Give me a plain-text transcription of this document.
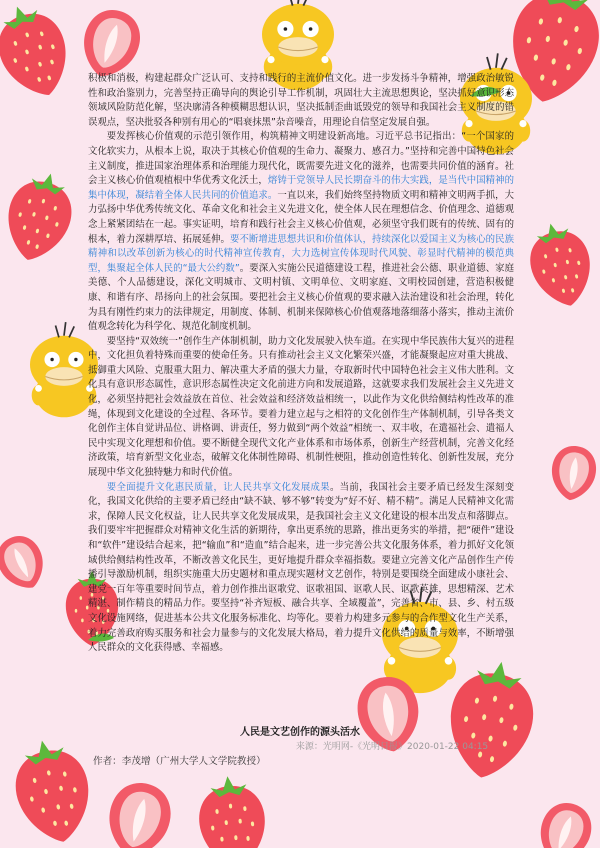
积极和消极，构建起群众广泛认可、支持和践行的主流价值文化。进一步发扬斗争精神，增强政治敏锐性和政治鉴别力，完善坚持正确导向的舆论引导工作机制，巩固壮大主流思想舆论，坚决抓好意识形态领域风险防范化解，坚决廓清各种模糊思想认识，坚决抵制歪曲诋毁党的领导和我国社会主义制度的错误观点，坚决批驳各种别有用心的“唱衰抹黑”杂音噪音，用理论自信坚定发展自强。

要发挥核心价值观的示范引领作用，构筑精神文明建设新高地。习近平总书记指出：“一个国家的文化软实力，从根本上说，取决于其核心价值观的生命力、凝聚力、感召力。”坚持和完善中国特色社会主义制度，推进国家治理体系和治理能力现代化，既需要先进文化的滋养，也需要共同价值的涵育。社会主义核心价值观植根中华优秀文化沃土，熔铸于党领导人民长期奋斗的伟大实践，是当代中国精神的集中体现，凝结着全体人民共同的价值追求。一直以来，我们始终坚持物质文明和精神文明两手抓，大力弘扬中华优秀传统文化、革命文化和社会主义先进文化，使全体人民在理想信念、价值理念、道德观念上紧紧团结在一起。事实证明，培育和践行社会主义核心价值观，必须坚守我们既有的传统、固有的根本，着力深耕厚培、拓展延伸。要不断增进思想共识和价值体认，持续深化以爱国主义为核心的民族精神和以改革创新为核心的时代精神宣传教育，大力选树宣传体现时代风貌、彰显时代精神的模范典型，集聚起全体人民的“最大公约数”。要深入实施公民道德建设工程，推进社会公德、职业道德、家庭美德、个人品德建设，深化文明城市、文明村镇、文明单位、文明家庭、文明校园创建，营造积极健康、和谐有序、昂扬向上的社会氛围。要把社会主义核心价值观的要求融入法治建设和社会治理，转化为具有刚性约束力的法律规定，用制度、体制、机制来保障核心价值观落地落细落小落实，推动主流价值观念转化为科学化、规范化制度机制。

要坚持“双效统一”创作生产体制机制，助力文化发展驶入快车道。在实现中华民族伟大复兴的进程中，文化担负着特殊而重要的使命任务。只有推动社会主义文化繁荣兴盛，才能凝聚起应对重大挑战、抵御重大风险、克服重大阻力、解决重大矛盾的强大力量，夺取新时代中国特色社会主义伟大胜利。文化具有意识形态属性，意识形态属性决定文化前进方向和发展道路，这就要求我们发展社会主义先进文化，必须坚持把社会效益放在首位、社会效益和经济效益相统一，以此作为文化供给侧结构性改革的准绳，体现到文化建设的全过程、各环节。要着力建立起与之相符的文化创作生产体制机制，引导各类文化创作主体自觉讲品位、讲格调、讲责任，努力做到“两个效益”相统一、双丰收，在遣福社会、遣福人民中实现文化理想和价值。要不断健全现代文化产业体系和市场体系，创新生产经营机制，完善文化经济政策，培育新型文化业态，破解文化体制性障碍、机制性梗阻，推动创造性转化、创新性发展，充分展现中华文化独特魅力和时代价值。

要全面提升文化惠民质量，让人民共享文化发展成果。当前，我国社会主要矛盾已经发生深刻变化，我国文化供给的主要矛盾已经由“缺不缺、够不够”转变为“好不好、精不精”。满足人民精神文化需求，保障人民文化权益，让人民共享文化发展成果，是我国社会主义文化建设的根本出发点和落脚点。我们要牢牢把握群众对精神文化生活的新期待，拿出更系统的思路，推出更务实的举措，把“硬件”建设和“软件”建设结合起来，把“输血”和“造血”结合起来，进一步完善公共文化服务体系，着力抓好文化领域供给侧结构性改革，不断改善文化民生，更好地提升群众幸福指数。要建立完善文化产品创作生产传播引导激励机制，组织实施重大历史题材和重点现实题材文艺创作，特别是要围绕全面建成小康社会、建党一百年等重要时间节点，着力创作推出讴歌党、讴歌祖国、讴歌人民、讴歌英雄，思想精深、艺术精湛、制作精良的精品力作。要坚持“补齐短板、融合共享、全域覆盖”，完善省、市、县、乡、村五级文化设施网络，促进基本公共文化服务标准化、均等化。要着力构建多元参与的合作型文化生产关系，着力完善政府购买服务和社会力量参与的文化发展大格局，着力提升文化供给的质量与效率，不断增强人民群众的文化获得感、幸福感。

人民是文艺创作的源头活水
来源：光明网-《光明日报》2020-01-22 04:15
作者：李茂增（广州大学人文学院教授）
